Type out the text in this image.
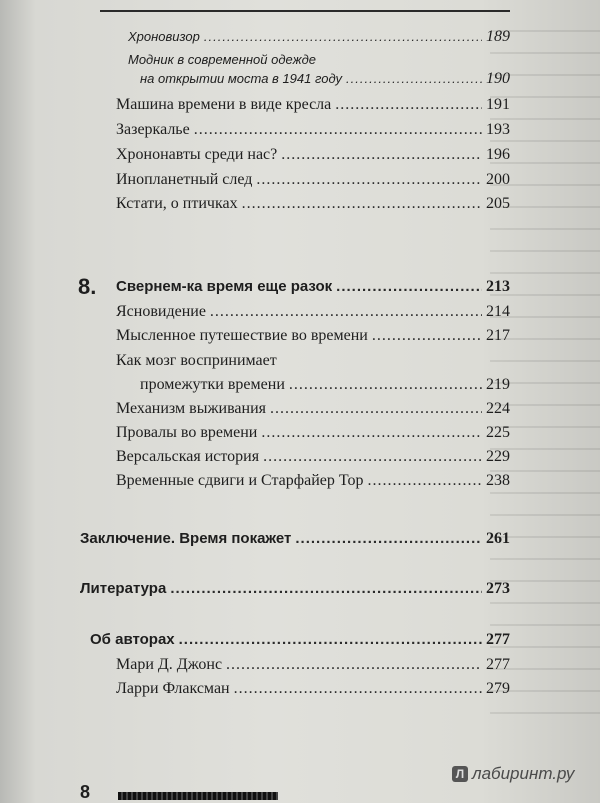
Хроновизор .....	189
Модник в современной одежде
на открытии моста в 1941 году .....	190
Машина времени в виде кресла .....	191
Зазеркалье .....	193
Хрононавты среди нас? .....	196
Инопланетный след .....	200
Кстати, о птичках .....	205
8. Свернем-ка время еще разок .....	213
Ясновидение .....	214
Мысленное путешествие во времени .....	217
Как мозг воспринимает
промежутки времени .....	219
Механизм выживания .....	224
Провалы во времени .....	225
Версальская история .....	229
Временные сдвиги и Старфайер Тор .....	238
Заключение. Время покажет .....	261
Литература .....	273
Об авторах .....	277
Мари Д. Джонс .....	277
Ларри Флаксман .....	279
8
Л лабиринт.ру
